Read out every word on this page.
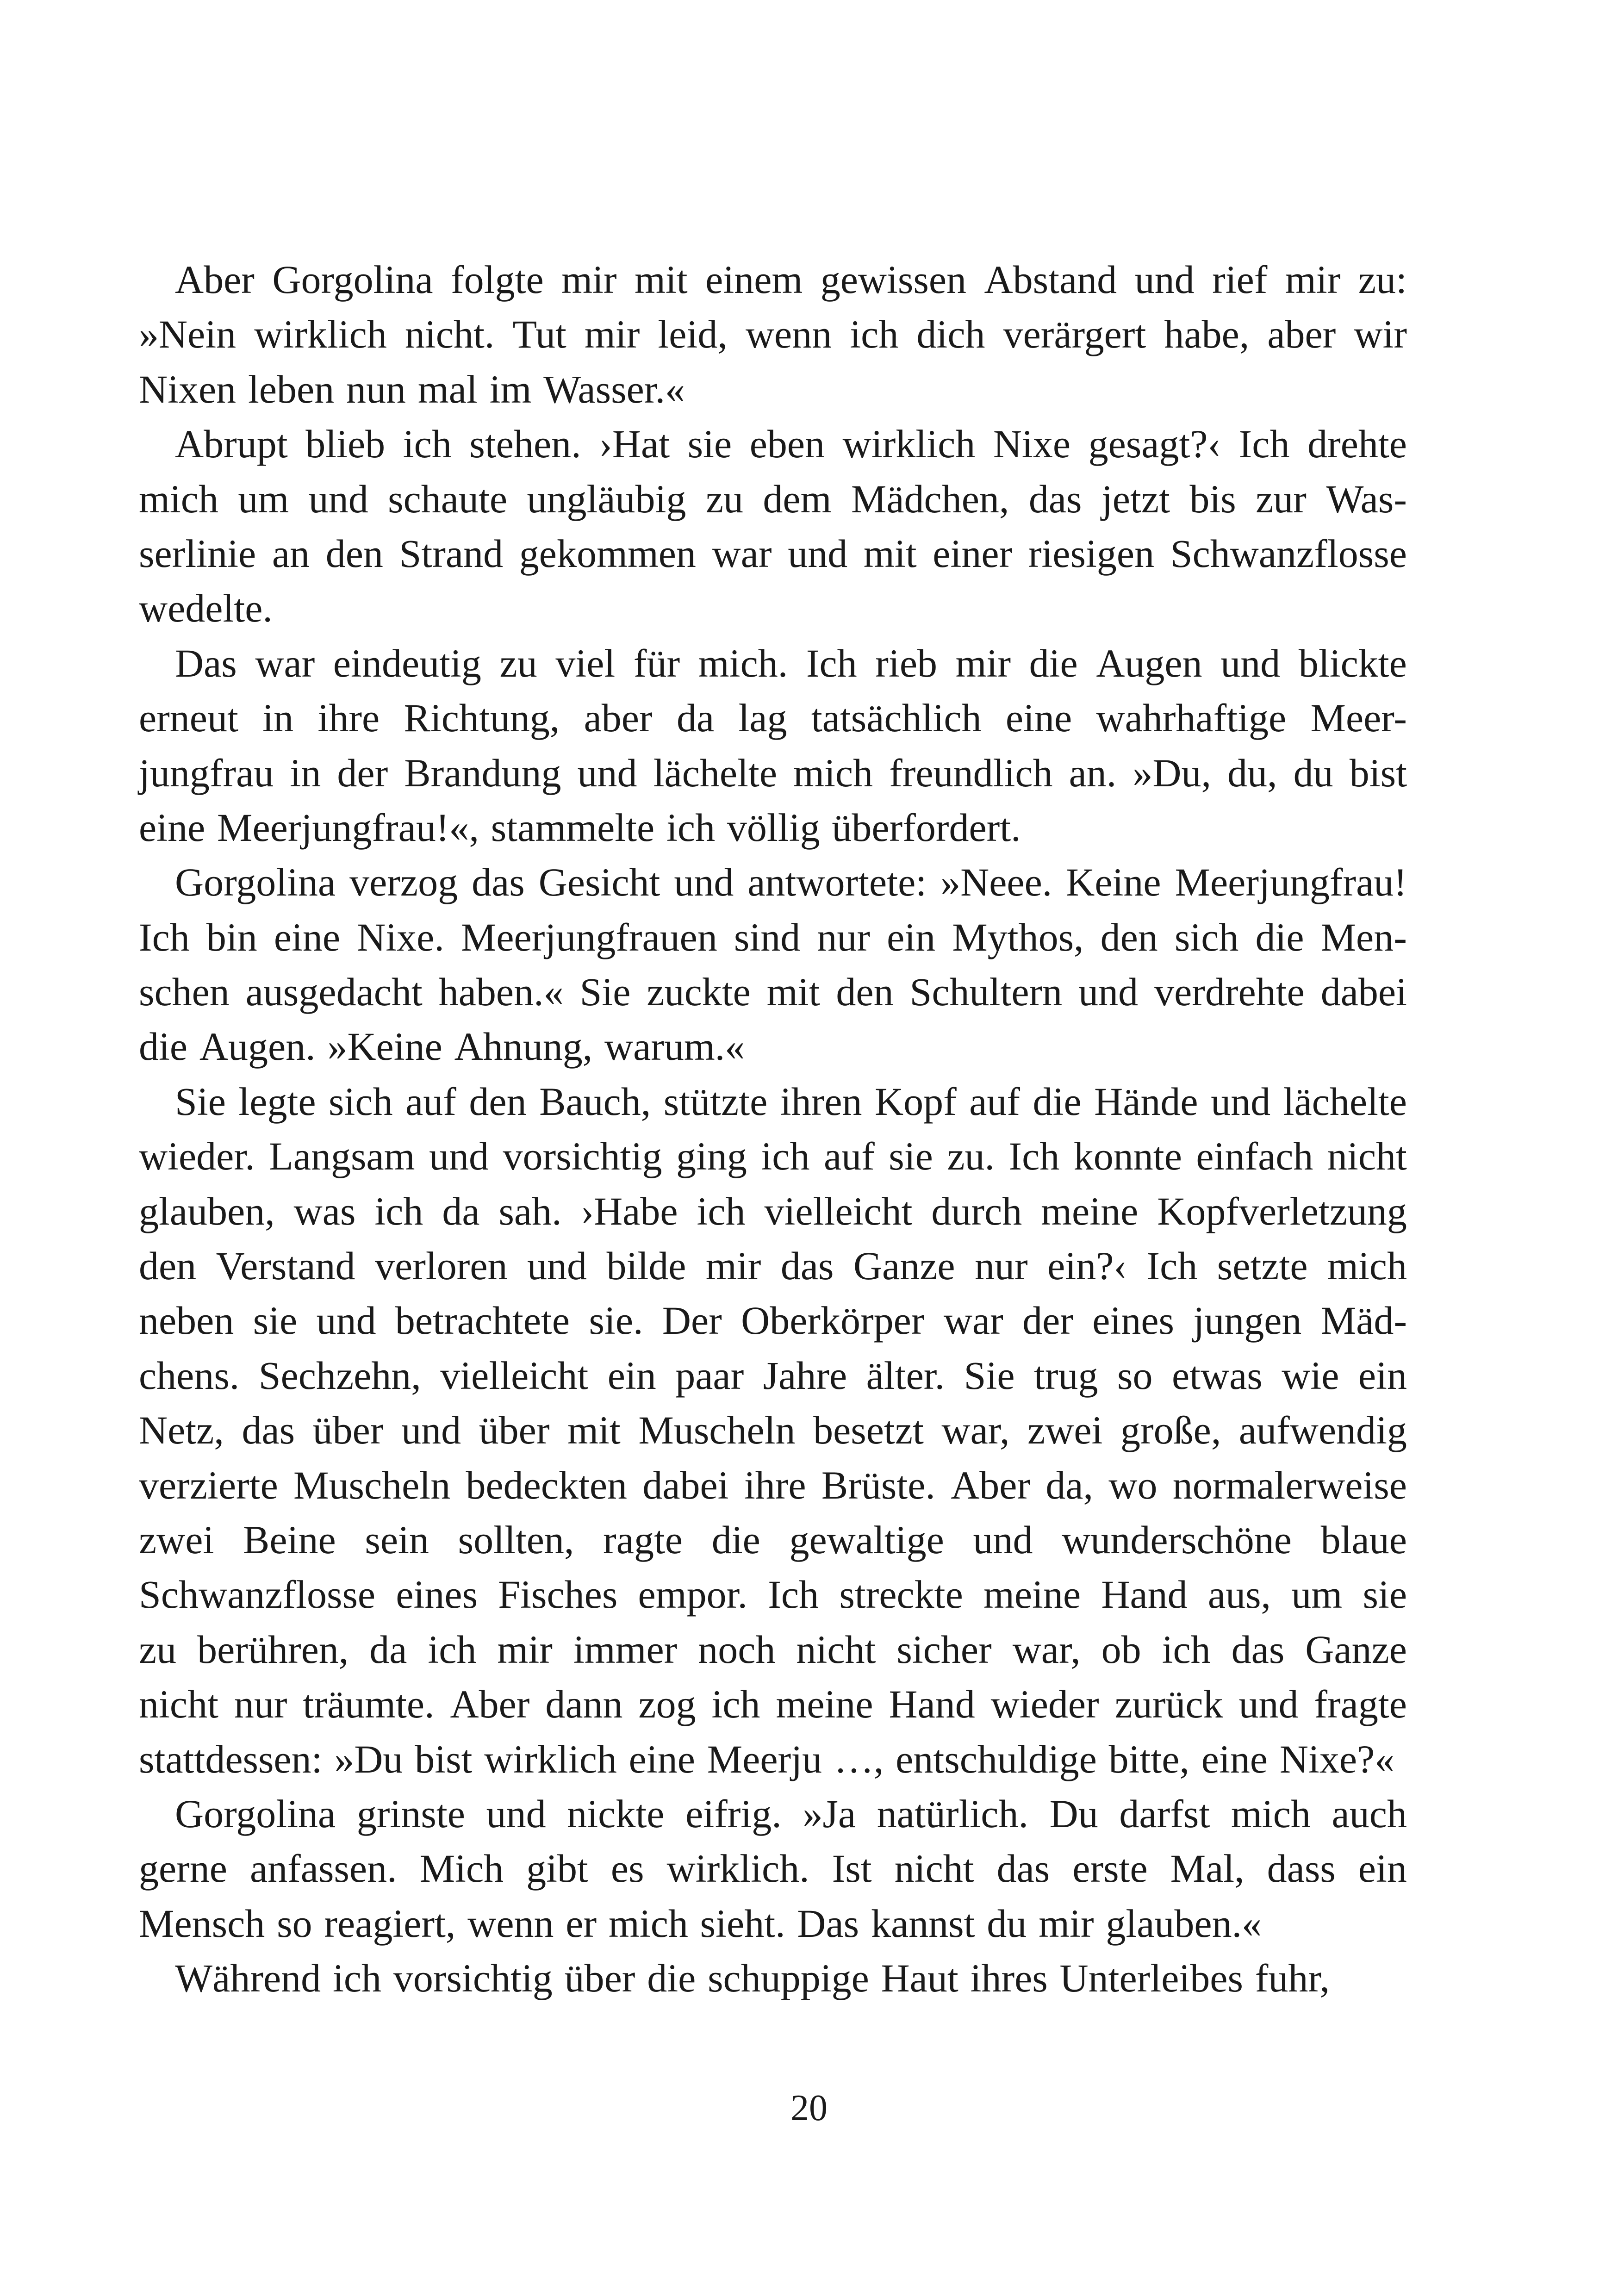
Aber Gorgolina folgte mir mit einem gewissen Abstand und rief mir zu:
»Nein wirklich nicht. Tut mir leid, wenn ich dich verärgert habe, aber wir
Nixen leben nun mal im Wasser.«
Abrupt blieb ich stehen. ›Hat sie eben wirklich Nixe gesagt?‹ Ich drehte
mich um und schaute ungläubig zu dem Mädchen, das jetzt bis zur Was-
serlinie an den Strand gekommen war und mit einer riesigen Schwanzflosse
wedelte.
Das war eindeutig zu viel für mich. Ich rieb mir die Augen und blickte
erneut in ihre Richtung, aber da lag tatsächlich eine wahrhaftige Meer-
jungfrau in der Brandung und lächelte mich freundlich an. »Du, du, du bist
eine Meerjungfrau!«, stammelte ich völlig überfordert.
Gorgolina verzog das Gesicht und antwortete: »Neee. Keine Meerjungfrau!
Ich bin eine Nixe. Meerjungfrauen sind nur ein Mythos, den sich die Men-
schen ausgedacht haben.« Sie zuckte mit den Schultern und verdrehte dabei
die Augen. »Keine Ahnung, warum.«
Sie legte sich auf den Bauch, stützte ihren Kopf auf die Hände und lächelte
wieder. Langsam und vorsichtig ging ich auf sie zu. Ich konnte einfach nicht
glauben, was ich da sah. ›Habe ich vielleicht durch meine Kopfverletzung
den Verstand verloren und bilde mir das Ganze nur ein?‹ Ich setzte mich
neben sie und betrachtete sie. Der Oberkörper war der eines jungen Mäd-
chens. Sechzehn, vielleicht ein paar Jahre älter. Sie trug so etwas wie ein
Netz, das über und über mit Muscheln besetzt war, zwei große, aufwendig
verzierte Muscheln bedeckten dabei ihre Brüste. Aber da, wo normalerweise
zwei Beine sein sollten, ragte die gewaltige und wunderschöne blaue
Schwanzflosse eines Fisches empor. Ich streckte meine Hand aus, um sie
zu berühren, da ich mir immer noch nicht sicher war, ob ich das Ganze
nicht nur träumte. Aber dann zog ich meine Hand wieder zurück und fragte
stattdessen: »Du bist wirklich eine Meerju …, entschuldige bitte, eine Nixe?«
Gorgolina grinste und nickte eifrig. »Ja natürlich. Du darfst mich auch
gerne anfassen. Mich gibt es wirklich. Ist nicht das erste Mal, dass ein
Mensch so reagiert, wenn er mich sieht. Das kannst du mir glauben.«
Während ich vorsichtig über die schuppige Haut ihres Unterleibes fuhr,
20
